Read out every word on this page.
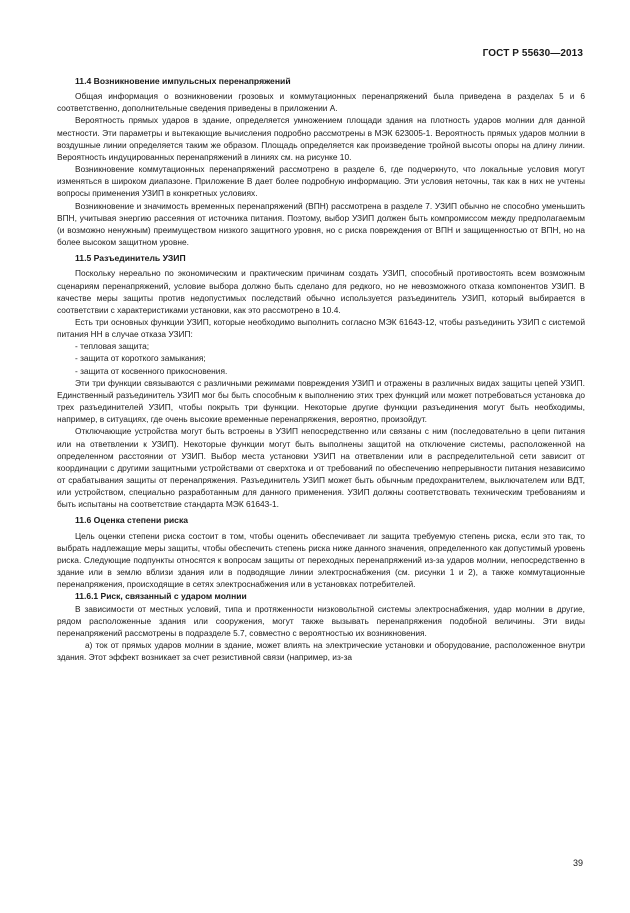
ГОСТ Р 55630—2013
11.4 Возникновение импульсных перенапряжений

Общая информация о возникновении грозовых и коммутационных перенапряжений была приведена в разделах 5 и 6 соответственно, дополнительные сведения приведены в приложении А.

Вероятность прямых ударов в здание, определяется умножением площади здания на плотность ударов молнии для данной местности. Эти параметры и вытекающие вычисления подробно рассмотрены в МЭК 623005-1. Вероятность прямых ударов молнии в воздушные линии определяется таким же образом. Площадь определяется как произведение тройной высоты опоры на длину линии. Вероятность индуцированных перенапряжений в линиях см. на рисунке 10.

Возникновение коммутационных перенапряжений рассмотрено в разделе 6, где подчеркнуто, что локальные условия могут изменяться в широком диапазоне. Приложение В дает более подробную информацию. Эти условия неточны, так как в них не учтены вопросы применения УЗИП в конкретных условиях.

Возникновение и значимость временных перенапряжений (ВПН) рассмотрена в разделе 7. УЗИП обычно не способно уменьшить ВПН, учитывая энергию рассеяния от источника питания. Поэтому, выбор УЗИП должен быть компромиссом между предполагаемым (и возможно ненужным) преимуществом низкого защитного уровня, но с риска повреждения от ВПН и защищенностью от ВПН, но на более высоком защитном уровне.

11.5 Разъединитель УЗИП

Поскольку нереально по экономическим и практическим причинам создать УЗИП, способный противостоять всем возможным сценариям перенапряжений, условие выбора должно быть сделано для редкого, но не невозможного отказа компонентов УЗИП. В качестве меры защиты против недопустимых последствий обычно используется разъединитель УЗИП, который выбирается в соответствии с характеристиками установки, как это рассмотрено в 10.4.

Есть три основных функции УЗИП, которые необходимо выполнить согласно МЭК 61643-12, чтобы разъединить УЗИП с системой питания НН в случае отказа УЗИП:

- тепловая защита;
- защита от короткого замыкания;
- защита от косвенного прикосновения.

Эти три функции связываются с различными режимами повреждения УЗИП и отражены в различных видах защиты цепей УЗИП. Единственный разъединитель УЗИП мог бы быть способным к выполнению этих трех функций или может потребоваться установка до трех разъединителей УЗИП, чтобы покрыть три функции. Некоторые другие функции разъединения могут быть необходимы, например, в ситуациях, где очень высокие временные перенапряжения, вероятно, произойдут.

Отключающие устройства могут быть встроены в УЗИП непосредственно или связаны с ним (последовательно в цепи питания или на ответвлении к УЗИП). Некоторые функции могут быть выполнены защитой на отключение системы, расположенной на определенном расстоянии от УЗИП. Выбор места установки УЗИП на ответвлении или в распределительной сети зависит от координации с другими защитными устройствами от сверхтока и от требований по обеспечению непрерывности питания независимо от срабатывания защиты от перенапряжения. Разъединитель УЗИП может быть обычным предохранителем, выключателем или ВДТ, или устройством, специально разработанным для данного применения. УЗИП должны соответствовать техническим требованиям и быть испытаны на соответствие стандарта МЭК 61643-1.

11.6 Оценка степени риска

Цель оценки степени риска состоит в том, чтобы оценить обеспечивает ли защита требуемую степень риска, если это так, то выбрать надлежащие меры защиты, чтобы обеспечить степень риска ниже данного значения, определенного как допустимый уровень риска. Следующие подпункты относятся к вопросам защиты от переходных перенапряжений из-за ударов молнии, непосредственно в здание или в землю вблизи здания или в подводящие линии электроснабжения (см. рисунки 1 и 2), а также коммутационные перенапряжения, происходящие в сетях электроснабжения или в установках потребителей.

11.6.1 Риск, связанный с ударом молнии

В зависимости от местных условий, типа и протяженности низковольтной системы электроснабжения, удар молнии в другие, рядом расположенные здания или сооружения, могут также вызывать перенапряжения подобной величины. Эти виды перенапряжений рассмотрены в подразделе 5.7, совместно с вероятностью их возникновения.

а) ток от прямых ударов молнии в здание, может влиять на электрические установки и оборудование, расположенное внутри здания. Этот эффект возникает за счет резистивной связи (например, из-за

39
